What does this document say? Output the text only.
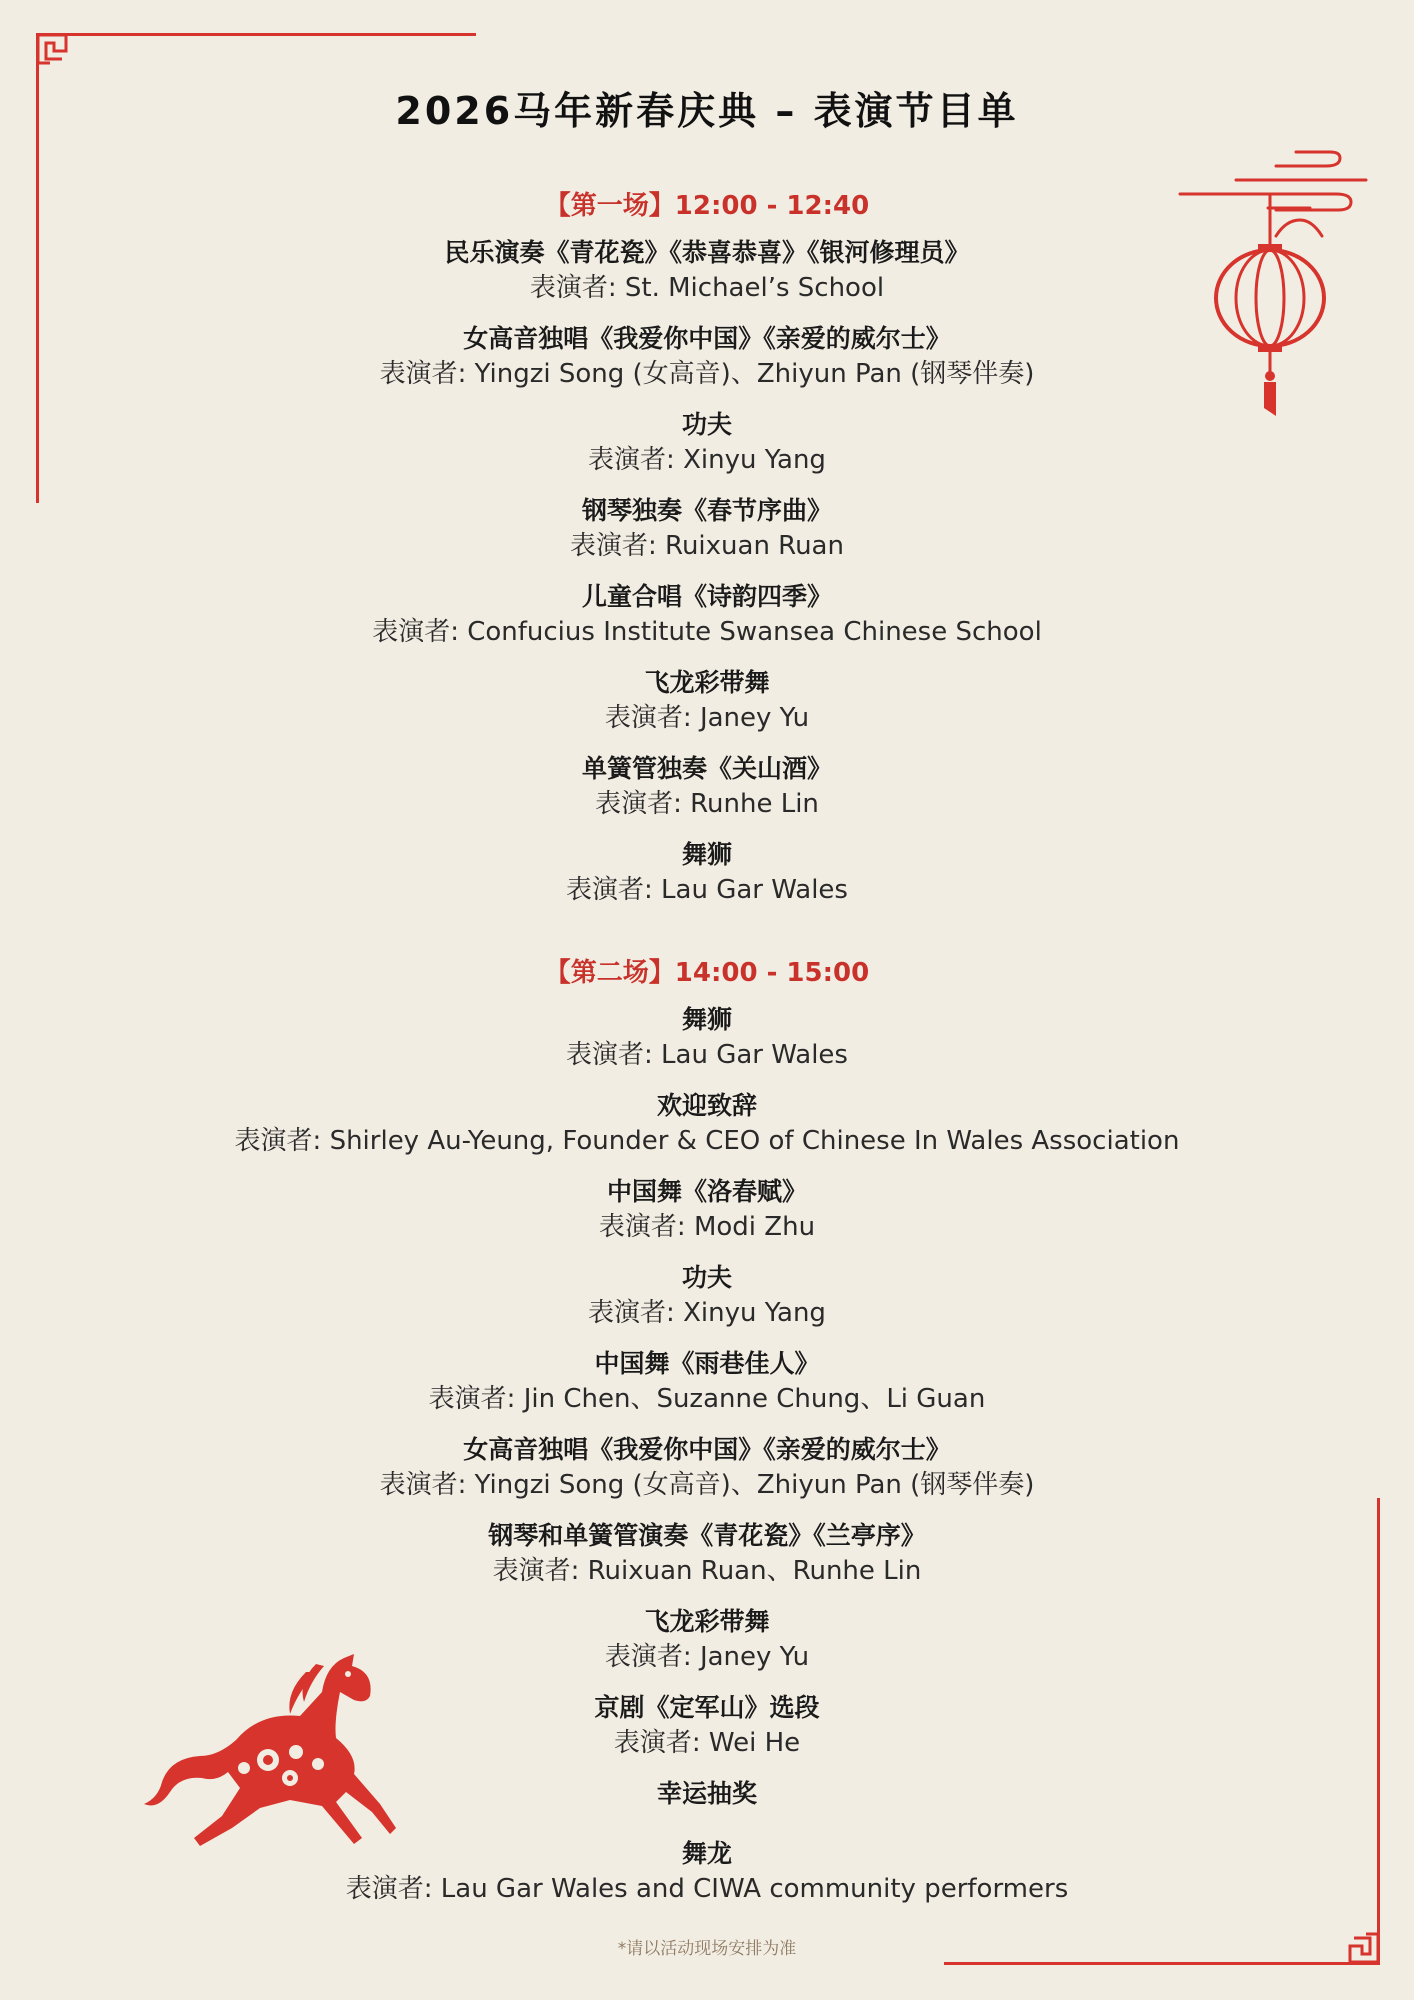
2026马年新春庆典 – 表演节目单
【第一场】12:00 - 12:40
民乐演奏《青花瓷》《恭喜恭喜》《银河修理员》
表演者: St. Michael’s School
女高音独唱《我爱你中国》《亲爱的威尔士》
表演者: Yingzi Song (女高音)、Zhiyun Pan (钢琴伴奏)
功夫
表演者: Xinyu Yang
钢琴独奏《春节序曲》
表演者: Ruixuan Ruan
儿童合唱《诗韵四季》
表演者: Confucius Institute Swansea Chinese School
飞龙彩带舞
表演者: Janey Yu
单簧管独奏《关山酒》
表演者: Runhe Lin
舞狮
表演者: Lau Gar Wales
【第二场】14:00 - 15:00
舞狮
表演者: Lau Gar Wales
欢迎致辞
表演者: Shirley Au-Yeung, Founder & CEO of Chinese In Wales Association
中国舞《洛春赋》
表演者: Modi Zhu
功夫
表演者: Xinyu Yang
中国舞《雨巷佳人》
表演者: Jin Chen、Suzanne Chung、Li Guan
女高音独唱《我爱你中国》《亲爱的威尔士》
表演者: Yingzi Song (女高音)、Zhiyun Pan (钢琴伴奏)
钢琴和单簧管演奏《青花瓷》《兰亭序》
表演者: Ruixuan Ruan、Runhe Lin
飞龙彩带舞
表演者: Janey Yu
京剧《定军山》选段
表演者: Wei He
幸运抽奖
舞龙
表演者: Lau Gar Wales and CIWA community performers
*请以活动现场安排为准
